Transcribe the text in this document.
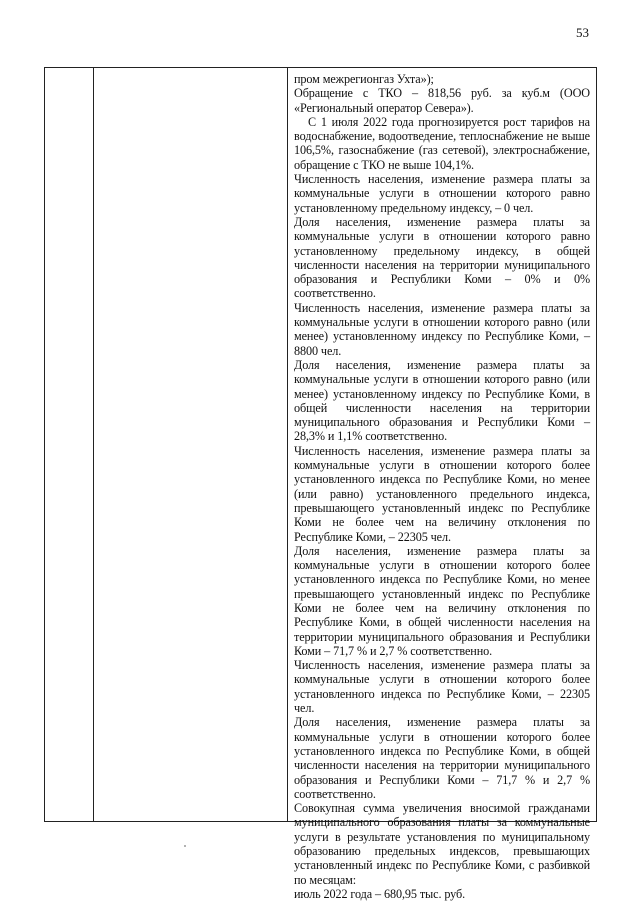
53

пром межрегионгаз Ухта»);

Обращение с ТКО – 818,56 руб. за куб.м (ООО «Региональный оператор Севера»).

С 1 июля 2022 года прогнозируется рост тарифов на водоснабжение, водоотведение, теплоснабжение не выше 106,5%, газоснабжение (газ сетевой), электроснабжение, обращение с ТКО не выше 104,1%.

Численность населения, изменение размера платы за коммунальные услуги в отношении которого равно установленному предельному индексу, – 0 чел.

Доля населения, изменение размера платы за коммунальные услуги в отношении которого равно установленному предельному индексу, в общей численности населения на территории муниципального образования и Республики Коми – 0% и 0% соответственно.

Численность населения, изменение размера платы за коммунальные услуги в отношении которого равно (или менее) установленному индексу по Республике Коми, – 8800 чел.

Доля населения, изменение размера платы за коммунальные услуги в отношении которого равно (или менее) установленному индексу по Республике Коми, в общей численности населения на территории муниципального образования и Республики Коми – 28,3% и 1,1% соответственно.

Численность населения, изменение размера платы за коммунальные услуги в отношении которого более установленного индекса по Республике Коми, но менее (или равно) установленного предельного индекса, превышающего установленный индекс по Республике Коми не более чем на величину отклонения по Республике Коми, – 22305 чел.

Доля населения, изменение размера платы за коммунальные услуги в отношении которого более установленного индекса по Республике Коми, но менее превышающего установленный индекс по Республике Коми не более чем на величину отклонения по Республике Коми, в общей численности населения на территории муниципального образования и Республики Коми – 71,7 % и 2,7 % соответственно.

Численность населения, изменение размера платы за коммунальные услуги в отношении которого более установленного индекса по Республике Коми, – 22305 чел.

Доля населения, изменение размера платы за коммунальные услуги в отношении которого более установленного индекса по Республике Коми, в общей численности населения на территории муниципального образования и Республики Коми – 71,7 % и 2,7 % соответственно.

Совокупная сумма увеличения вносимой гражданами муниципального образования платы за коммунальные услуги в результате установления по муниципальному образованию предельных индексов, превышающих установленный индекс по Республике Коми, с разбивкой по месяцам:

июль 2022 года – 680,95 тыс. руб.
